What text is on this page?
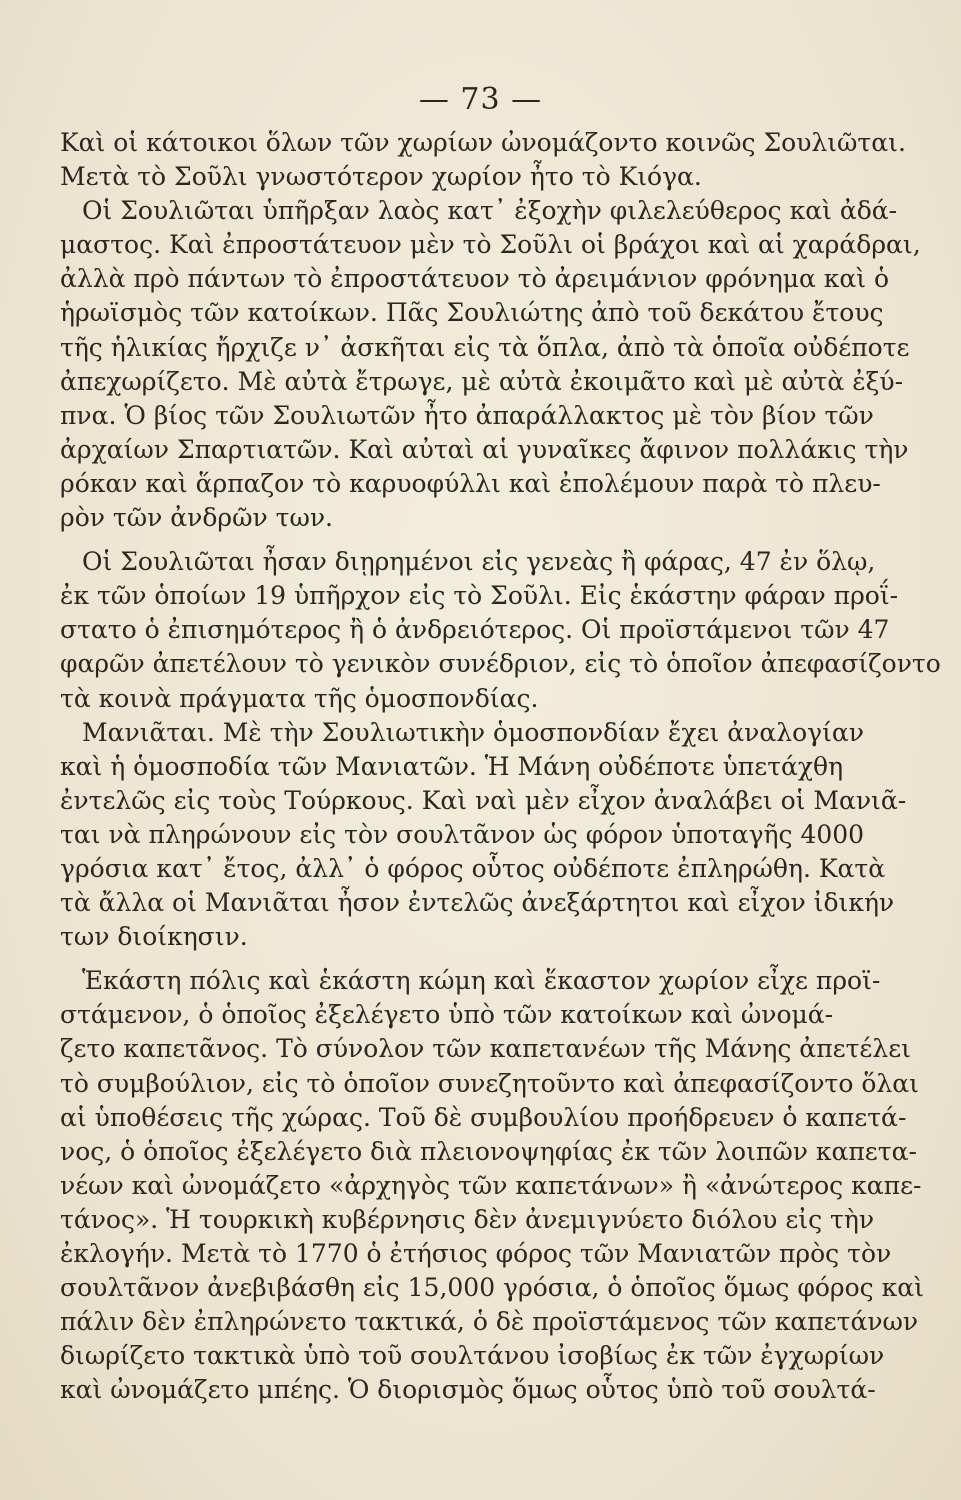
— 73 —
Καὶ οἱ κάτοικοι ὅλων τῶν χωρίων ὠνομάζοντο κοινῶς Σουλιῶται.
Μετὰ τὸ Σοῦλι γνωστότερον χωρίον ἦτο τὸ Κιόγα.
Οἱ Σουλιῶται ὑπῆρξαν λαὸς κατ᾽ ἐξοχὴν φιλελεύθερος καὶ ἀδά-
μαστος. Καὶ ἐπροστάτευον μὲν τὸ Σοῦλι οἱ βράχοι καὶ αἱ χαράδραι,
ἀλλὰ πρὸ πάντων τὸ ἐπροστάτευον τὸ ἀρειμάνιον φρόνημα καὶ ὁ
ἡρωϊσμὸς τῶν κατοίκων. Πᾶς Σουλιώτης ἀπὸ τοῦ δεκάτου ἔτους
τῆς ἡλικίας ἤρχιζε ν᾽ ἀσκῆται εἰς τὰ ὅπλα, ἀπὸ τὰ ὁποῖα οὐδέποτε
ἀπεχωρίζετο. Μὲ αὐτὰ ἔτρωγε, μὲ αὐτὰ ἐκοιμᾶτο καὶ μὲ αὐτὰ ἐξύ-
πνα. Ὁ βίος τῶν Σουλιωτῶν ἦτο ἀπαράλλακτος μὲ τὸν βίον τῶν
ἀρχαίων Σπαρτιατῶν. Καὶ αὐταὶ αἱ γυναῖκες ἄφινον πολλάκις τὴν
ρόκαν καὶ ἅρπαζον τὸ καρυοφύλλι καὶ ἐπολέμουν παρὰ τὸ πλευ-
ρὸν τῶν ἀνδρῶν των.
Οἱ Σουλιῶται ἦσαν διῃρημένοι εἰς γενεὰς ἢ φάρας, 47 ἐν ὅλῳ,
ἐκ τῶν ὁποίων 19 ὑπῆρχον εἰς τὸ Σοῦλι. Εἰς ἑκάστην φάραν προΐ-
στατο ὁ ἐπισημότερος ἢ ὁ ἀνδρειότερος. Οἱ προϊστάμενοι τῶν 47
φαρῶν ἀπετέλουν τὸ γενικὸν συνέδριον, εἰς τὸ ὁποῖον ἀπεφασίζοντο
τὰ κοινὰ πράγματα τῆς ὁμοσπονδίας.
Μανιᾶται. Μὲ τὴν Σουλιωτικὴν ὁμοσπονδίαν ἔχει ἀναλογίαν
καὶ ἡ ὁμοσποδία τῶν Μανιατῶν. Ἡ Μάνη οὐδέποτε ὑπετάχθη
ἐντελῶς εἰς τοὺς Τούρκους. Καὶ ναὶ μὲν εἶχον ἀναλάβει οἱ Μανιᾶ-
ται νὰ πληρώνουν εἰς τὸν σουλτᾶνον ὡς φόρον ὑποταγῆς 4000
γρόσια κατ᾽ ἔτος, ἀλλ᾽ ὁ φόρος οὗτος οὐδέποτε ἐπληρώθη. Κατὰ
τὰ ἄλλα οἱ Μανιᾶται ἦσον ἐντελῶς ἀνεξάρτητοι καὶ εἶχον ἰδικήν
των διοίκησιν.
Ἑκάστη πόλις καὶ ἑκάστη κώμη καὶ ἕκαστον χωρίον εἶχε προϊ-
στάμενον, ὁ ὁποῖος ἐξελέγετο ὑπὸ τῶν κατοίκων καὶ ὠνομά-
ζετο καπετᾶνος. Τὸ σύνολον τῶν καπετανέων τῆς Μάνης ἀπετέλει
τὸ συμβούλιον, εἰς τὸ ὁποῖον συνεζητοῦντο καὶ ἀπεφασίζοντο ὅλαι
αἱ ὑποθέσεις τῆς χώρας. Τοῦ δὲ συμβουλίου προήδρευεν ὁ καπετά-
νος, ὁ ὁποῖος ἐξελέγετο διὰ πλειονοψηφίας ἐκ τῶν λοιπῶν καπετα-
νέων καὶ ὠνομάζετο «ἀρχηγὸς τῶν καπετάνων» ἢ «ἀνώτερος καπε-
τάνος». Ἡ τουρκικὴ κυβέρνησις δὲν ἀνεμιγνύετο διόλου εἰς τὴν
ἐκλογήν. Μετὰ τὸ 1770 ὁ ἐτήσιος φόρος τῶν Μανιατῶν πρὸς τὸν
σουλτᾶνον ἀνεβιβάσθη εἰς 15,000 γρόσια, ὁ ὁποῖος ὅμως φόρος καὶ
πάλιν δὲν ἐπληρώνετο τακτικά, ὁ δὲ προϊστάμενος τῶν καπετάνων
διωρίζετο τακτικὰ ὑπὸ τοῦ σουλτάνου ἰσοβίως ἐκ τῶν ἐγχωρίων
καὶ ὠνομάζετο μπέης. Ὁ διορισμὸς ὅμως οὗτος ὑπὸ τοῦ σουλτά-
